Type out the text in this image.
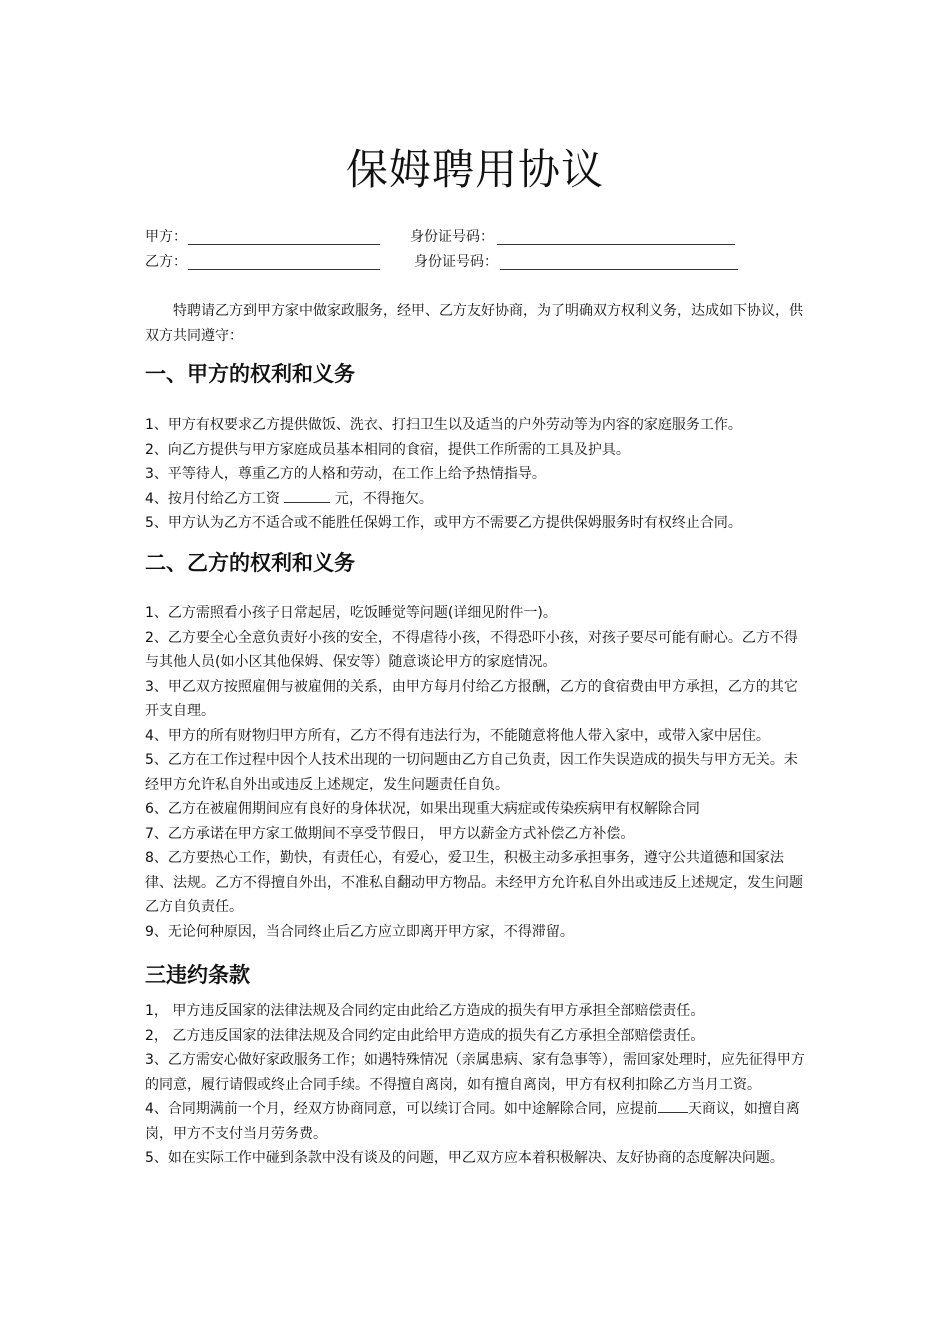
保姆聘用协议
甲方：	身份证号码：
乙方：	身份证号码：
特聘请乙方到甲方家中做家政服务，经甲、乙方友好协商，为了明确双方权利义务，达成如下协议，供双方共同遵守：
一、甲方的权利和义务
1、甲方有权要求乙方提供做饭、洗衣、打扫卫生以及适当的户外劳动等为内容的家庭服务工作。
2、向乙方提供与甲方家庭成员基本相同的食宿，提供工作所需的工具及护具。
3、平等待人，尊重乙方的人格和劳动，在工作上给予热情指导。
4、按月付给乙方工资	元，不得拖欠。
5、甲方认为乙方不适合或不能胜任保姆工作，或甲方不需要乙方提供保姆服务时有权终止合同。
二、乙方的权利和义务
1、乙方需照看小孩子日常起居，吃饭睡觉等问题(详细见附件一)。
2、乙方要全心全意负责好小孩的安全，不得虐待小孩，不得恐吓小孩，对孩子要尽可能有耐心。乙方不得与其他人员(如小区其他保姆、保安等）随意谈论甲方的家庭情况。
3、甲乙双方按照雇佣与被雇佣的关系，由甲方每月付给乙方报酬，乙方的食宿费由甲方承担，乙方的其它开支自理。
4、甲方的所有财物归甲方所有，乙方不得有违法行为，不能随意将他人带入家中，或带入家中居住。
5、乙方在工作过程中因个人技术出现的一切问题由乙方自己负责，因工作失误造成的损失与甲方无关。未经甲方允许私自外出或违反上述规定，发生问题责任自负。
6、乙方在被雇佣期间应有良好的身体状况，如果出现重大病症或传染疾病甲有权解除合同
7、乙方承诺在甲方家工做期间不享受节假日， 甲方以薪金方式补偿乙方补偿。
8、乙方要热心工作，勤快，有责任心，有爱心，爱卫生，积极主动多承担事务，遵守公共道德和国家法律、法规。乙方不得擅自外出，不准私自翻动甲方物品。未经甲方允许私自外出或违反上述规定，发生问题乙方自负责任。
9、无论何种原因，当合同终止后乙方应立即离开甲方家，不得滞留。
三违约条款
1， 甲方违反国家的法律法规及合同约定由此给乙方造成的损失有甲方承担全部赔偿责任。
2， 乙方违反国家的法律法规及合同约定由此给甲方造成的损失有乙方承担全部赔偿责任。
3、乙方需安心做好家政服务工作；如遇特殊情况（亲属患病、家有急事等），需回家处理时，应先征得甲方的同意，履行请假或终止合同手续。不得擅自离岗，如有擅自离岗，甲方有权利扣除乙方当月工资。
4、合同期满前一个月，经双方协商同意，可以续订合同。如中途解除合同，应提前 天商议，如擅自离岗，甲方不支付当月劳务费。
5、如在实际工作中碰到条款中没有谈及的问题，甲乙双方应本着积极解决、友好协商的态度解决问题。
